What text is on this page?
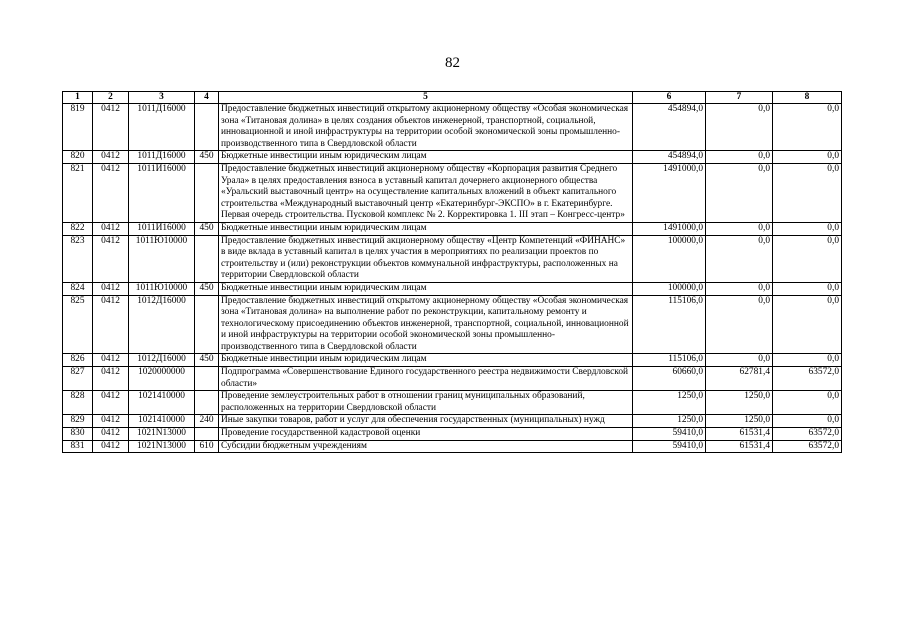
82
1	2	3	4	5	6	7	8
819	0412	1011Д16000		Предоставление бюджетных инвестиций открытому акционерному обществу «Особая экономическая зона «Титановая долина» в целях создания объектов инженерной, транспортной, социальной, инновационной и иной инфраструктуры на территории особой экономической зоны промышленно-производственного типа в Свердловской области	454894,0	0,0	0,0
820	0412	1011Д16000	450	Бюджетные инвестиции иным юридическим лицам	454894,0	0,0	0,0
821	0412	1011И16000		Предоставление бюджетных инвестиций акционерному обществу «Корпорация развития Среднего Урала» в целях предоставления взноса в уставный капитал дочернего акционерного общества «Уральский выставочный центр» на осуществление капитальных вложений в объект капитального строительства «Международный выставочный центр «Екатеринбург-ЭКСПО» в г. Екатеринбурге. Первая очередь строительства. Пусковой комплекс № 2. Корректировка 1. III этап – Конгресс-центр»	1491000,0	0,0	0,0
822	0412	1011И16000	450	Бюджетные инвестиции иным юридическим лицам	1491000,0	0,0	0,0
823	0412	1011Ю10000		Предоставление бюджетных инвестиций акционерному обществу «Центр Компетенций «ФИНАНС» в виде вклада в уставный капитал в целях участия в мероприятиях по реализации проектов по строительству и (или) реконструкции объектов коммунальной инфраструктуры, расположенных на территории Свердловской области	100000,0	0,0	0,0
824	0412	1011Ю10000	450	Бюджетные инвестиции иным юридическим лицам	100000,0	0,0	0,0
825	0412	1012Д16000		Предоставление бюджетных инвестиций открытому акционерному обществу «Особая экономическая зона «Титановая долина» на выполнение работ по реконструкции, капитальному ремонту и технологическому присоединению объектов инженерной, транспортной, социальной, инновационной и иной инфраструктуры на территории особой экономической зоны промышленно-производственного типа в Свердловской области	115106,0	0,0	0,0
826	0412	1012Д16000	450	Бюджетные инвестиции иным юридическим лицам	115106,0	0,0	0,0
827	0412	1020000000		Подпрограмма «Совершенствование Единого государственного реестра недвижимости Свердловской области»	60660,0	62781,4	63572,0
828	0412	1021410000		Проведение землеустроительных работ в отношении границ муниципальных образований, расположенных на территории Свердловской области	1250,0	1250,0	0,0
829	0412	1021410000	240	Иные закупки товаров, работ и услуг для обеспечения государственных (муниципальных) нужд	1250,0	1250,0	0,0
830	0412	1021N13000		Проведение государственной кадастровой оценки	59410,0	61531,4	63572,0
831	0412	1021N13000	610	Субсидии бюджетным учреждениям	59410,0	61531,4	63572,0
